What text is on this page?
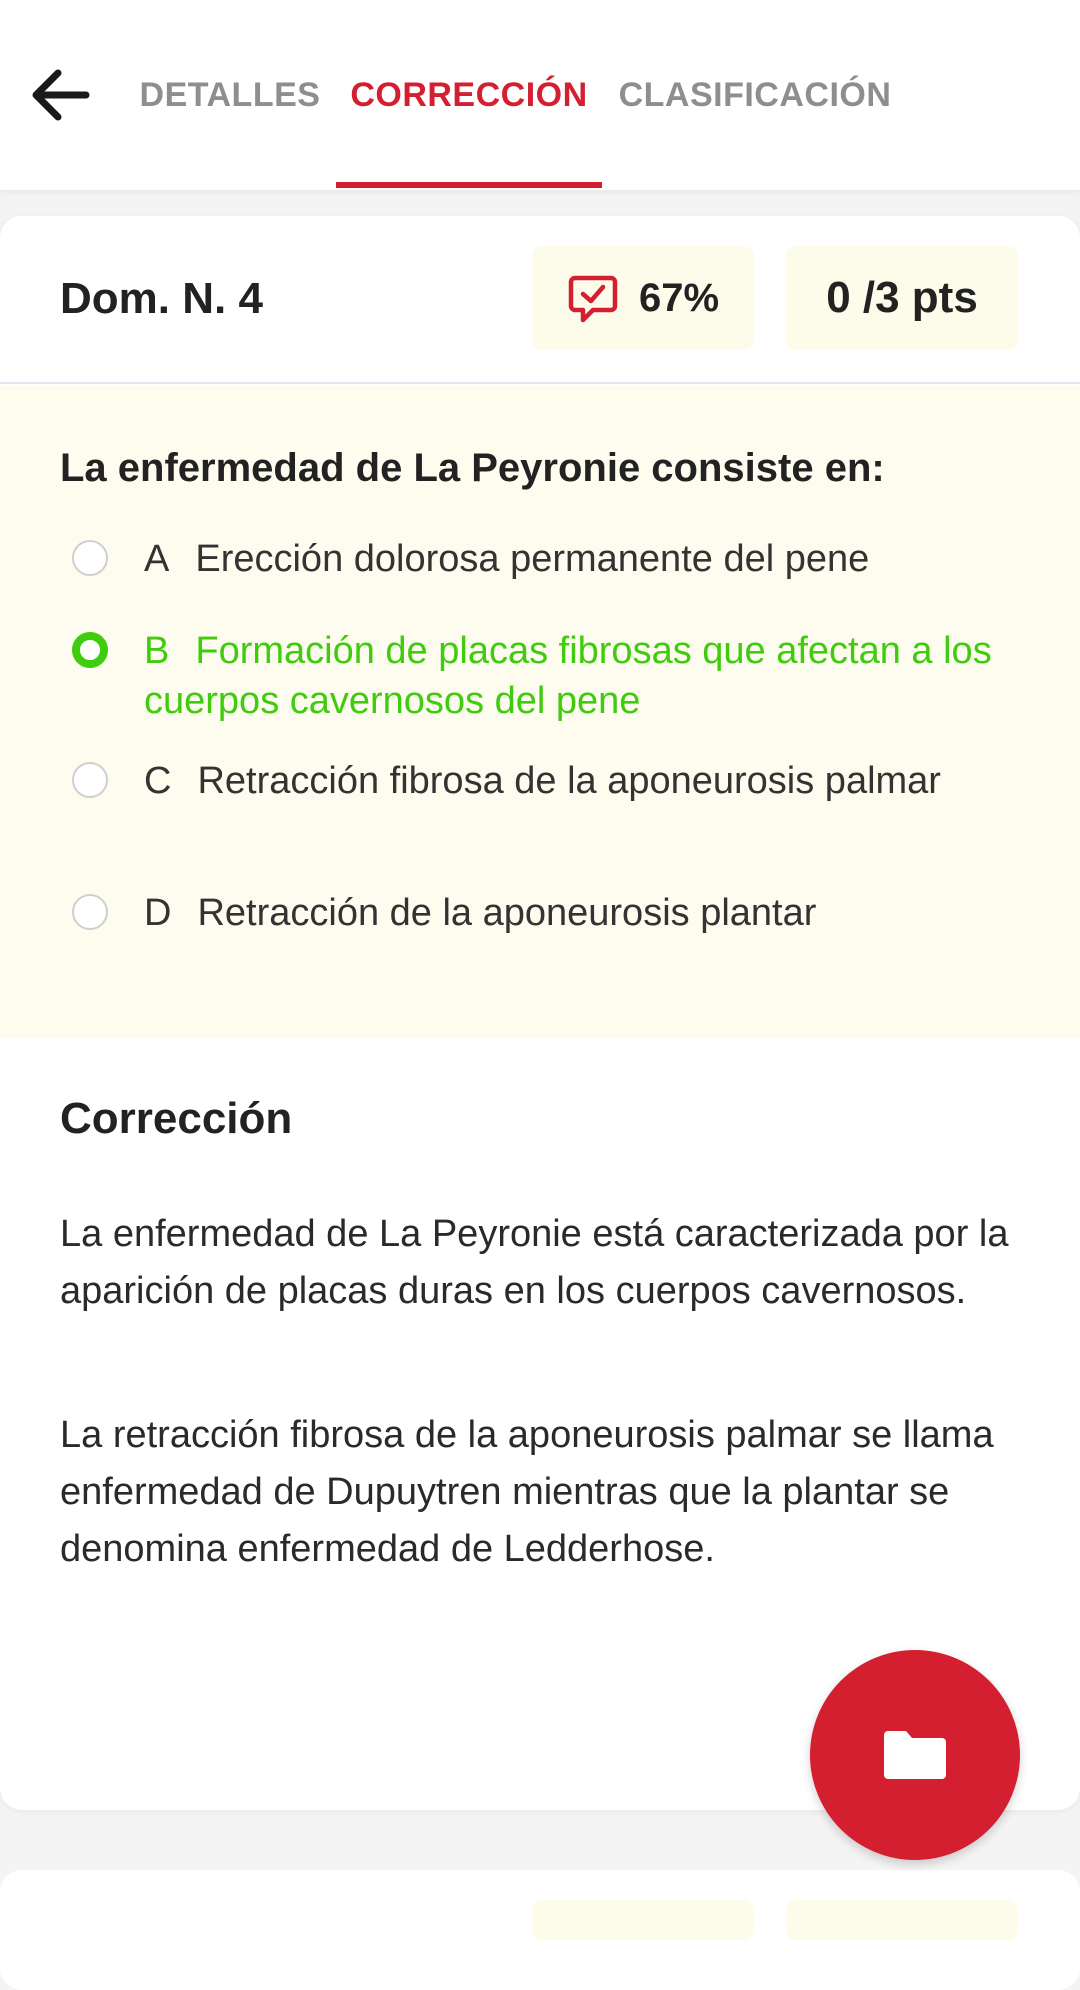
DETALLES CORRECCIÓN CLASIFICACIÓN
Dom. N. 4	67%	0 /3 pts
La enfermedad de La Peyronie consiste en:
A Erección dolorosa permanente del pene
B Formación de placas fibrosas que afectan a los cuerpos cavernosos del pene
C Retracción fibrosa de la aponeurosis palmar
D Retracción de la aponeurosis plantar
Corrección
La enfermedad de La Peyronie está caracterizada por la aparición de placas duras en los cuerpos cavernosos.
La retracción fibrosa de la aponeurosis palmar se llama enfermedad de Dupuytren mientras que la plantar se denomina enfermedad de Ledderhose.
